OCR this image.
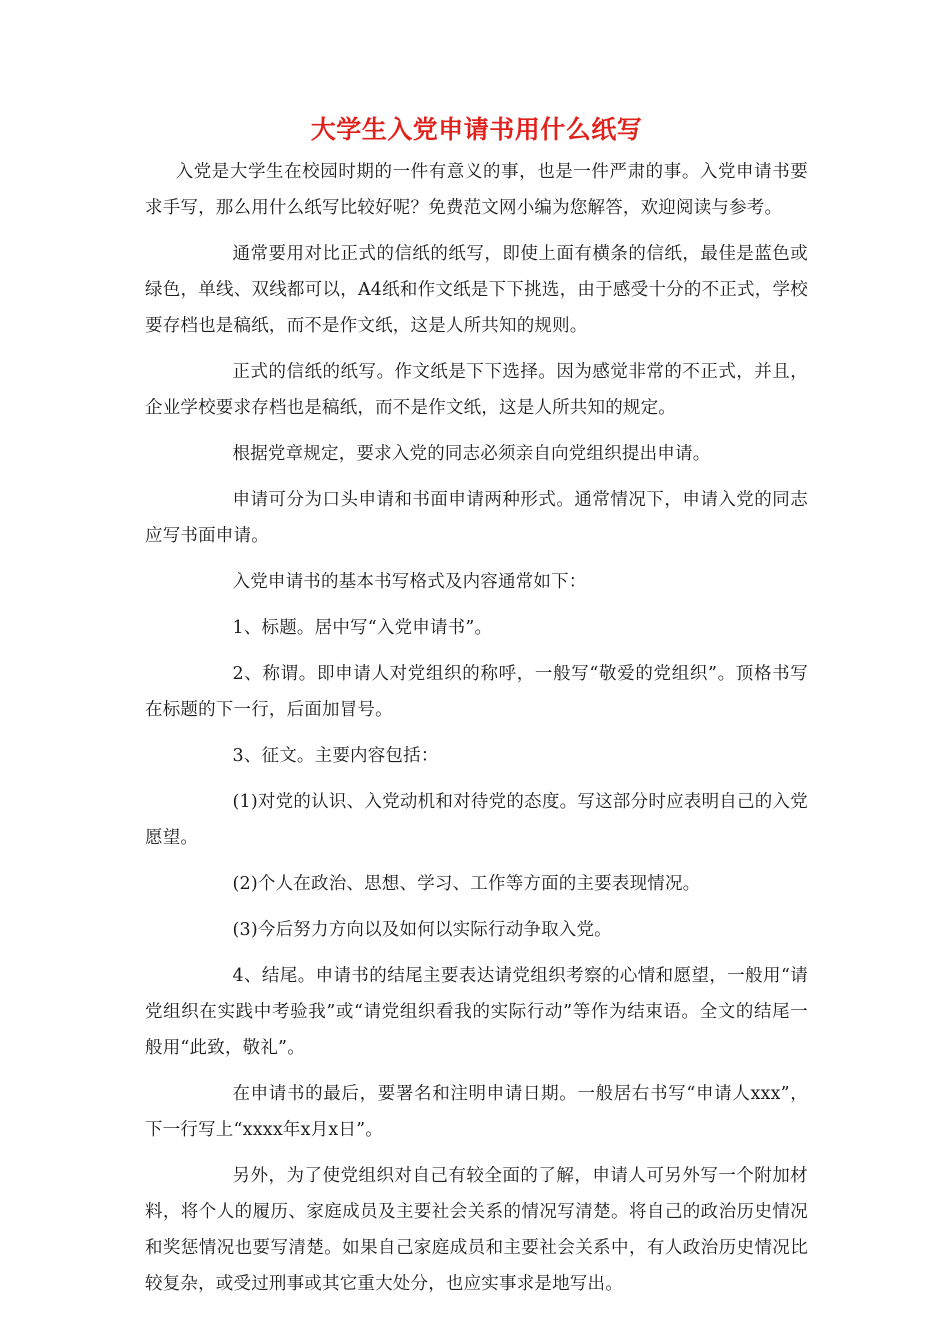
大学生入党申请书用什么纸写

入党是大学生在校园时期的一件有意义的事，也是一件严肃的事。入党申请书要求手写，那么用什么纸写比较好呢？免费范文网小编为您解答，欢迎阅读与参考。

通常要用对比正式的信纸的纸写，即使上面有横条的信纸，最佳是蓝色或绿色，单线、双线都可以，A4纸和作文纸是下下挑选，由于感受十分的不正式，学校要存档也是稿纸，而不是作文纸，这是人所共知的规则。

正式的信纸的纸写。作文纸是下下选择。因为感觉非常的不正式，并且，企业学校要求存档也是稿纸，而不是作文纸，这是人所共知的规定。

根据党章规定，要求入党的同志必须亲自向党组织提出申请。

申请可分为口头申请和书面申请两种形式。通常情况下，申请入党的同志应写书面申请。

入党申请书的基本书写格式及内容通常如下：

1、标题。居中写“入党申请书”。

2、称谓。即申请人对党组织的称呼，一般写“敬爱的党组织”。顶格书写在标题的下一行，后面加冒号。

3、征文。主要内容包括：

(1)对党的认识、入党动机和对待党的态度。写这部分时应表明自己的入党愿望。

(2)个人在政治、思想、学习、工作等方面的主要表现情况。

(3)今后努力方向以及如何以实际行动争取入党。

4、结尾。申请书的结尾主要表达请党组织考察的心情和愿望，一般用“请党组织在实践中考验我”或“请党组织看我的实际行动”等作为结束语。全文的结尾一般用“此致，敬礼”。

在申请书的最后，要署名和注明申请日期。一般居右书写“申请人xxx”，下一行写上“xxxx年x月x日”。

另外，为了使党组织对自己有较全面的了解，申请人可另外写一个附加材料，将个人的履历、家庭成员及主要社会关系的情况写清楚。将自己的政治历史情况和奖惩情况也要写清楚。如果自己家庭成员和主要社会关系中，有人政治历史情况比较复杂，或受过刑事或其它重大处分，也应实事求是地写出。
